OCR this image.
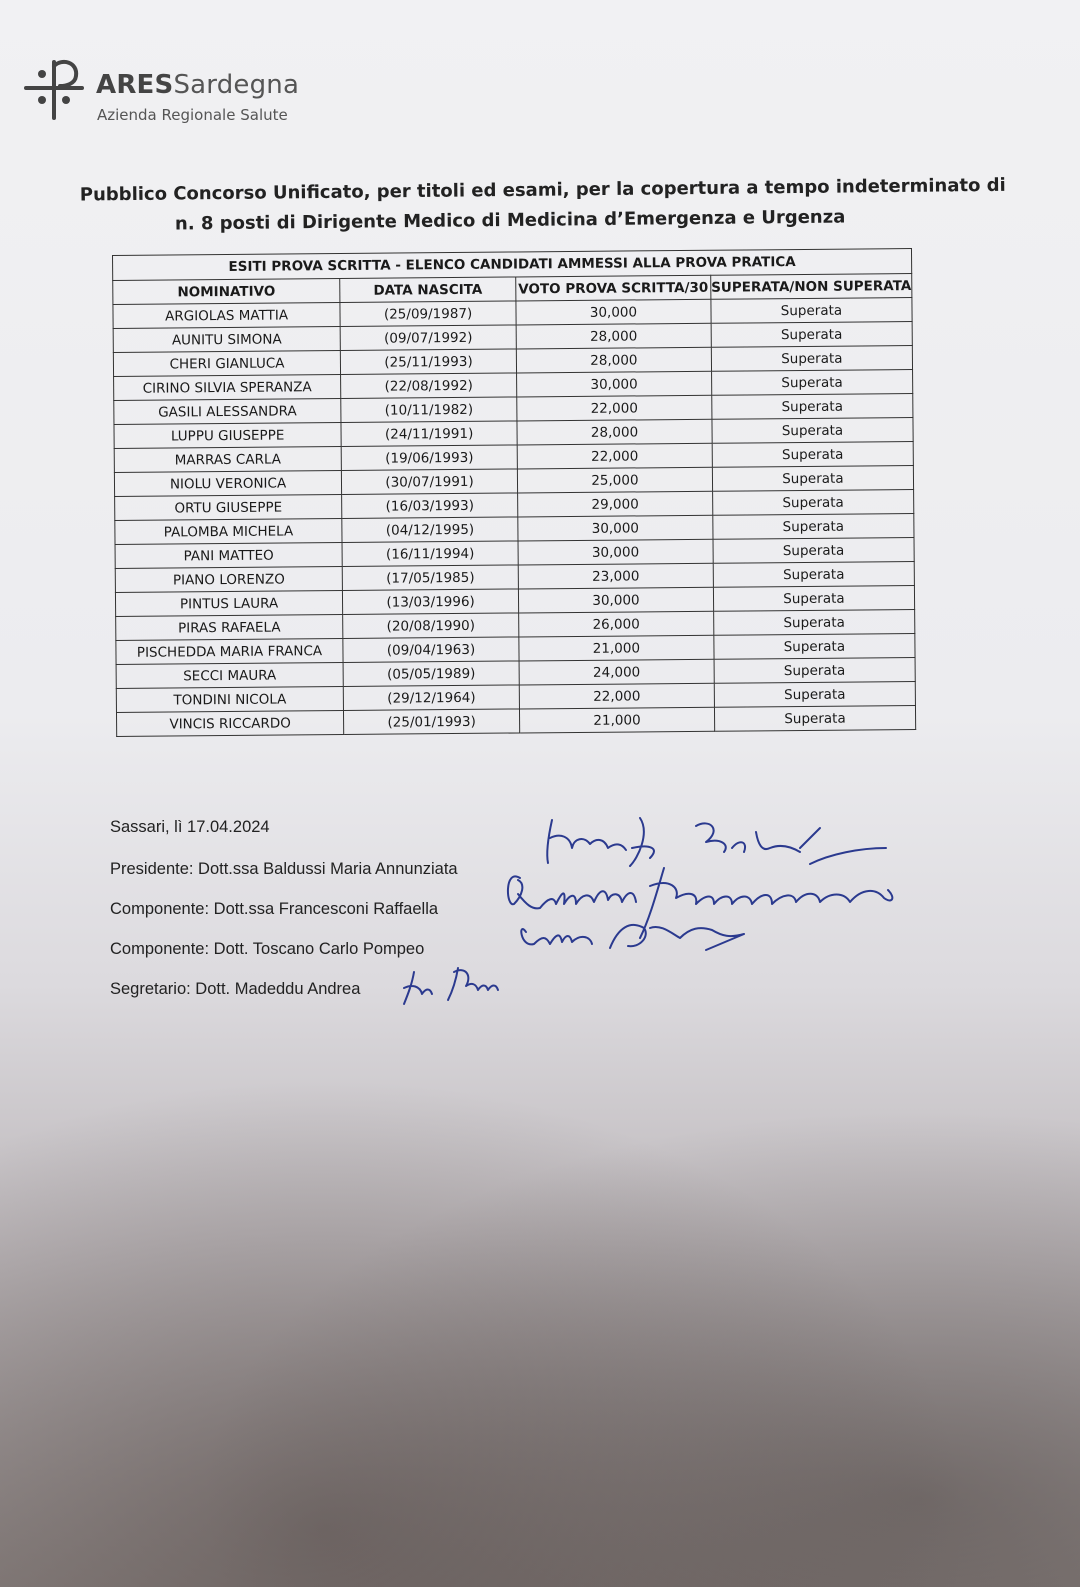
ARESSardegna
Azienda Regionale Salute
Pubblico Concorso Unificato, per titoli ed esami, per la copertura a tempo indeterminato di
n. 8 posti di Dirigente Medico di Medicina d’Emergenza e Urgenza
ESITI PROVA SCRITTA - ELENCO CANDIDATI AMMESSI ALLA PROVA PRATICA			
NOMINATIVO	DATA NASCITA	VOTO PROVA SCRITTA/30	SUPERATA/NON SUPERATA
ARGIOLAS MATTIA	(25/09/1987)	30,000	Superata
AUNITU SIMONA	(09/07/1992)	28,000	Superata
CHERI GIANLUCA	(25/11/1993)	28,000	Superata
CIRINO SILVIA SPERANZA	(22/08/1992)	30,000	Superata
GASILI ALESSANDRA	(10/11/1982)	22,000	Superata
LUPPU GIUSEPPE	(24/11/1991)	28,000	Superata
MARRAS CARLA	(19/06/1993)	22,000	Superata
NIOLU VERONICA	(30/07/1991)	25,000	Superata
ORTU GIUSEPPE	(16/03/1993)	29,000	Superata
PALOMBA MICHELA	(04/12/1995)	30,000	Superata
PANI MATTEO	(16/11/1994)	30,000	Superata
PIANO LORENZO	(17/05/1985)	23,000	Superata
PINTUS LAURA	(13/03/1996)	30,000	Superata
PIRAS RAFAELA	(20/08/1990)	26,000	Superata
PISCHEDDA MARIA FRANCA	(09/04/1963)	21,000	Superata
SECCI MAURA	(05/05/1989)	24,000	Superata
TONDINI NICOLA	(29/12/1964)	22,000	Superata
VINCIS RICCARDO	(25/01/1993)	21,000	Superata
Sassari, lì 17.04.2024
Presidente: Dott.ssa Baldussi Maria Annunziata
Componente: Dott.ssa Francesconi Raffaella
Componente: Dott. Toscano Carlo Pompeo
Segretario: Dott. Madeddu Andrea
